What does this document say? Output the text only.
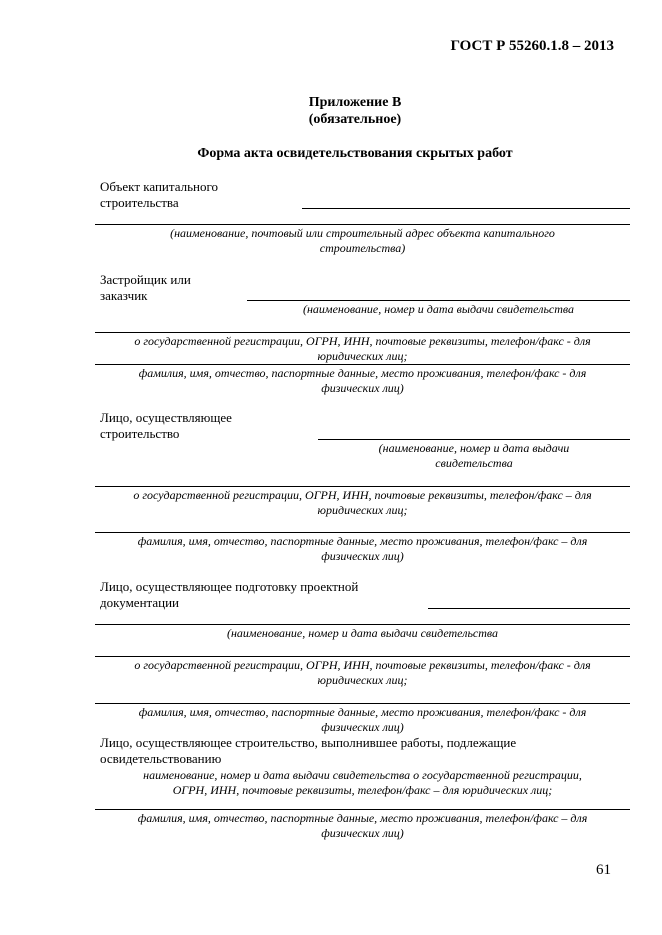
ГОСТ Р 55260.1.8 – 2013
Приложение В
(обязательное)
Форма акта освидетельствования скрытых работ
Объект капитального
строительства
(наименование, почтовый или строительный адрес объекта капитального
строительства)
Застройщик или
заказчик
(наименование, номер и дата выдачи свидетельства
о государственной регистрации, ОГРН, ИНН, почтовые реквизиты, телефон/факс - для
юридических лиц;
фамилия, имя, отчество, паспортные данные, место проживания, телефон/факс - для
физических лиц)
Лицо, осуществляющее
строительство
(наименование, номер и дата выдачи
свидетельства
о государственной регистрации, ОГРН, ИНН, почтовые реквизиты, телефон/факс – для
юридических лиц;
фамилия, имя, отчество, паспортные данные, место проживания, телефон/факс – для
физических лиц)
Лицо, осуществляющее подготовку проектной
документации
(наименование, номер и дата выдачи свидетельства
о государственной регистрации, ОГРН, ИНН, почтовые реквизиты, телефон/факс - для
юридических лиц;
фамилия, имя, отчество, паспортные данные, место проживания, телефон/факс - для
физических лиц)
Лицо, осуществляющее строительство, выполнившее работы, подлежащие
освидетельствованию
наименование, номер и дата выдачи свидетельства о государственной регистрации,
ОГРН, ИНН, почтовые реквизиты, телефон/факс – для юридических лиц;
фамилия, имя, отчество, паспортные данные, место проживания, телефон/факс – для
физических лиц)
61
